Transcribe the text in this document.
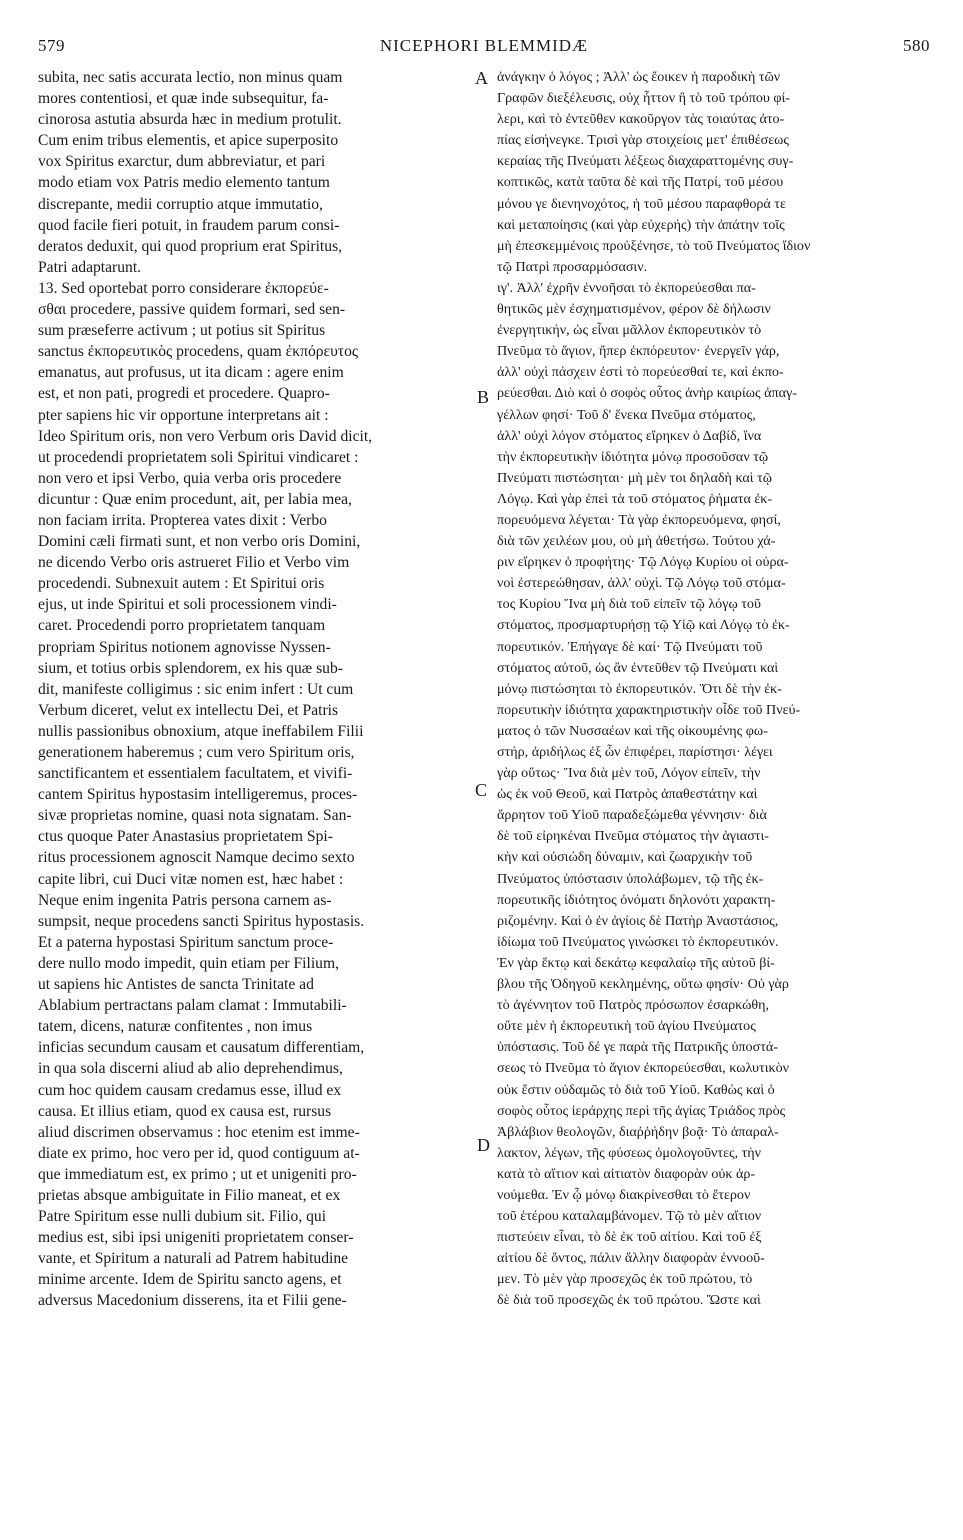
579	NICEPHORI BLEMMIDÆ	580
subita, nec satis accurata lectio, non minus quam
mores contentiosi, et quæ inde subsequitur, fa-
cinorosa astutia absurda hæc in medium protulit.
Cum enim tribus elementis, et apice superposito
vox Spiritus exarctur, dum abbreviatur, et pari
modo etiam vox Patris medio elemento tantum
discrepante, medii corruptio atque immutatio,
quod facile fieri potuit, in fraudem parum consi-
deratos deduxit, qui quod proprium erat Spiritus,
Patri adaptarunt.
13. Sed oportebat porro considerare ἐκπορεύε-
σθαι procedere, passive quidem formari, sed sen-
sum præseferre activum ; ut potius sit Spiritus
sanctus ἐκπορευτικὸς procedens, quam ἐκπόρευτος
emanatus, aut profusus, ut ita dicam : agere enim
est, et non pati, progredi et procedere. Quapro-
pter sapiens hic vir opportune interpretans ait :
Ideo Spiritum oris, non vero Verbum oris David dicit,
ut procedendi proprietatem soli Spiritui vindicaret :
non vero et ipsi Verbo, quia verba oris procedere
dicuntur : Quæ enim procedunt, ait, per labia mea,
non faciam irrita. Propterea vates dixit : Verbo
Domini cæli firmati sunt, et non verbo oris Domini,
ne dicendo Verbo oris astrueret Filio et Verbo vim
procedendi. Subnexuit autem : Et Spiritui oris
ejus, ut inde Spiritui et soli processionem vindi-
caret. Procedendi porro proprietatem tanquam
propriam Spiritus notionem agnovisse Nyssen-
sium, et totius orbis splendorem, ex his quæ sub-
dit, manifeste colligimus : sic enim infert : Ut cum
Verbum diceret, velut ex intellectu Dei, et Patris
nullis passionibus obnoxium, atque ineffabilem Filii
generationem haberemus ; cum vero Spiritum oris,
sanctificantem et essentialem facultatem, et vivifi-
cantem Spiritus hypostasim intelligeremus, proces-
sivæ proprietas nomine, quasi nota signatam. San-
ctus quoque Pater Anastasius proprietatem Spi-
ritus processionem agnoscit Namque decimo sexto
capite libri, cui Duci vitæ nomen est, hæc habet :
Neque enim ingenita Patris persona carnem as-
sumpsit, neque procedens sancti Spiritus hypostasis.
Et a paterna hypostasi Spiritum sanctum proce-
dere nullo modo impedit, quin etiam per Filium,
ut sapiens hic Antistes de sancta Trinitate ad
Ablabium pertractans palam clamat : Immutabili-
tatem, dicens, naturæ confitentes , non imus
inficias secundum causam et causatum differentiam,
in qua sola discerni aliud ab alio deprehendimus,
cum hoc quidem causam credamus esse, illud ex
causa. Et illius etiam, quod ex causa est, rursus
aliud discrimen observamus : hoc etenim est imme-
diate ex primo, hoc vero per id, quod contiguum at-
que immediatum est, ex primo ; ut et unigeniti pro-
prietas absque ambiguitate in Filio maneat, et ex
Patre Spiritum esse nulli dubium sit. Filio, qui
medius est, sibi ipsi unigeniti proprietatem conser-
vante, et Spiritum a naturali ad Patrem habitudine
minime arcente. Idem de Spiritu sancto agens, et
adversus Macedonium disserens, ita et Filii gene-
ἀνάγκην ὁ λόγος ; Ἀλλ' ὡς ἔοικεν ἡ παροδικὴ τῶν
Γραφῶν διεξέλευσις, οὐχ ἧττον ἢ τὸ τοῦ τρόπου φί-
λερι, καὶ τὸ ἐντεῦθεν κακοῦργον τὰς τοιαύτας ἀτο-
πίας εἰσήνεγκε. Τρισὶ γὰρ στοιχείοις μετ' ἐπιθέσεως
κεραίας τῆς Πνεύματι λέξεως διαχαραττομένης συγ-
κοπτικῶς, κατὰ ταῦτα δὲ καὶ τῆς Πατρί, τοῦ μέσου
μόνου γε διενηνοχότος, ἡ τοῦ μέσου παραφθορά τε
καὶ μεταποίησις (καὶ γὰρ εὐχερής) τὴν ἀπάτην τοῖς
μὴ ἐπεσκεμμένοις προὐξένησε, τὸ τοῦ Πνεύματος ἴδιον
τῷ Πατρὶ προσαρμόσασιν.
ιγ'. Ἀλλ' ἐχρῆν ἐννοῆσαι τὸ ἐκπορεύεσθαι πα-
θητικῶς μὲν ἐσχηματισμένον, φέρον δὲ δήλωσιν
ἐνεργητικήν, ὡς εἶναι μᾶλλον ἐκπορευτικὸν τὸ
Πνεῦμα τὸ ἅγιον, ἤπερ ἐκπόρευτον· ἐνεργεῖν γάρ,
ἀλλ' οὐχὶ πάσχειν ἐστὶ τὸ πορεύεσθαί τε, καὶ ἐκπο-
ρεύεσθαι. Διὸ καὶ ὁ σοφὸς οὗτος ἀνὴρ καιρίως ἀπαγ-
γέλλων φησί· Τοῦ δ' ἕνεκα Πνεῦμα στόματος,
ἀλλ' οὐχὶ λόγον στόματος εἴρηκεν ὁ Δαβίδ, ἵνα
τὴν ἐκπορευτικὴν ἰδιότητα μόνῳ προσοῦσαν τῷ
Πνεύματι πιστώσηται· μὴ μὲν τοι δηλαδὴ καὶ τῷ
Λόγῳ. Καὶ γὰρ ἐπεὶ τὰ τοῦ στόματος ῥήματα ἐκ-
πορευόμενα λέγεται· Τὰ γὰρ ἐκπορευόμενα, φησί,
διὰ τῶν χειλέων μου, οὐ μὴ ἀθετήσω. Τούτου χά-
ριν εἴρηκεν ὁ προφήτης· Τῷ Λόγῳ Κυρίου οἱ οὐρα-
νοὶ ἐστερεώθησαν, ἀλλ' οὐχὶ. Τῷ Λόγῳ τοῦ στόμα-
τος Κυρίου Ἵνα μὴ διὰ τοῦ εἰπεῖν τῷ λόγῳ τοῦ
στόματος, προσμαρτυρήσῃ τῷ Υἱῷ καὶ Λόγῳ τὸ ἐκ-
πορευτικόν. Ἐπήγαγε δὲ καί· Τῷ Πνεύματι τοῦ
στόματος αὐτοῦ, ὡς ἂν ἐντεῦθεν τῷ Πνεύματι καὶ
μόνῳ πιστώσηται τὸ ἐκπορευτικόν. Ὅτι δὲ τὴν ἐκ-
πορευτικὴν ἰδιότητα χαρακτηριστικὴν οἶδε τοῦ Πνεύ-
ματος ὁ τῶν Νυσσαέων καὶ τῆς οἰκουμένης φω-
στήρ, ἀριδήλως ἐξ ὧν ἐπιφέρει, παρίστησι· λέγει
γὰρ οὕτως· Ἵνα διὰ μὲν τοῦ, Λόγον εἰπεῖν, τὴν
ὡς ἐκ νοῦ Θεοῦ, καὶ Πατρὸς ἀπαθεστάτην καὶ
ἄρρητον τοῦ Υἱοῦ παραδεξώμεθα γέννησιν· διὰ
δὲ τοῦ εἰρηκέναι Πνεῦμα στόματος τὴν ἁγιαστι-
κὴν καὶ οὐσιώδη δύναμιν, καὶ ζωαρχικὴν τοῦ
Πνεύματος ὑπόστασιν ὑπολάβωμεν, τῷ τῆς ἐκ-
πορευτικῆς ἰδιότητος ὀνόματι δηλονότι χαρακτη-
ριζομένην. Καὶ ὁ ἐν ἁγίοις δὲ Πατὴρ Ἀναστάσιος,
ἰδίωμα τοῦ Πνεύματος γινώσκει τὸ ἐκπορευτικόν.
Ἐν γὰρ ἕκτῳ καὶ δεκάτῳ κεφαλαίῳ τῆς αὐτοῦ βί-
βλου τῆς Ὁδηγοῦ κεκλημένης, οὕτω φησίν· Οὐ γὰρ
τὸ ἀγέννητον τοῦ Πατρὸς πρόσωπον ἐσαρκώθη,
οὔτε μὲν ἡ ἐκπορευτικὴ τοῦ ἁγίου Πνεύματος
ὑπόστασις. Τοῦ δέ γε παρὰ τῆς Πατρικῆς ὑποστά-
σεως τὸ Πνεῦμα τὸ ἅγιον ἐκπορεύεσθαι, κωλυτικὸν
οὐκ ἔστιν οὐδαμῶς τὸ διὰ τοῦ Υἱοῦ. Καθὼς καὶ ὁ
σοφὸς οὗτος ἱεράρχης περὶ τῆς ἁγίας Τριάδος πρὸς
Ἀβλάβιον θεολογῶν, διαῤῥήδην βοᾷ· Τὸ ἀπαραλ-
λακτον, λέγων, τῆς φύσεως ὁμολογοῦντες, τὴν
κατὰ τὸ αἴτιον καὶ αἰτιατὸν διαφορὰν οὐκ ἀρ-
νούμεθα. Ἐν ᾧ μόνῳ διακρίνεσθαι τὸ ἕτερον
τοῦ ἑτέρου καταλαμβάνομεν. Τῷ τὸ μὲν αἴτιον
πιστεύειν εἶναι, τὸ δὲ ἐκ τοῦ αἰτίου. Καὶ τοῦ ἐξ
αἰτίου δὲ ὄντος, πάλιν ἄλλην διαφορὰν ἐννοοῦ-
μεν. Τὸ μὲν γὰρ προσεχῶς ἐκ τοῦ πρώτου, τὸ
δὲ διὰ τοῦ προσεχῶς ἐκ τοῦ πρώτου. Ὥστε καὶ
A
B
C
D
